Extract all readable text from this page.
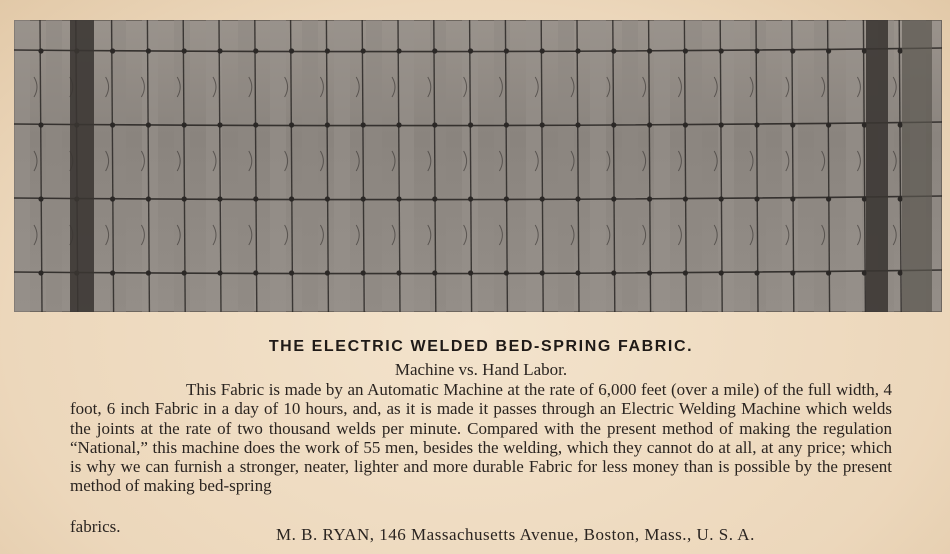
THE ELECTRIC WELDED BED-SPRING FABRIC.

Machine vs. Hand Labor.

This Fabric is made by an Automatic Machine at the rate of 6,000 feet (over a mile) of the full width, 4 foot, 6 inch Fabric in a day of 10 hours, and, as it is made it passes through an Electric Welding Machine which welds the joints at the rate of two thousand welds per minute. Compared with the present method of making the regulation “National,” this machine does the work of 55 men, besides the welding, which they cannot do at all, at any price; which is why we can furnish a stronger, neater, lighter and more durable Fabric for less money than is possible by the present method of making bed-spring

fabrics.	M. B. RYAN, 146 Massachusetts Avenue, Boston, Mass., U. S. A.
